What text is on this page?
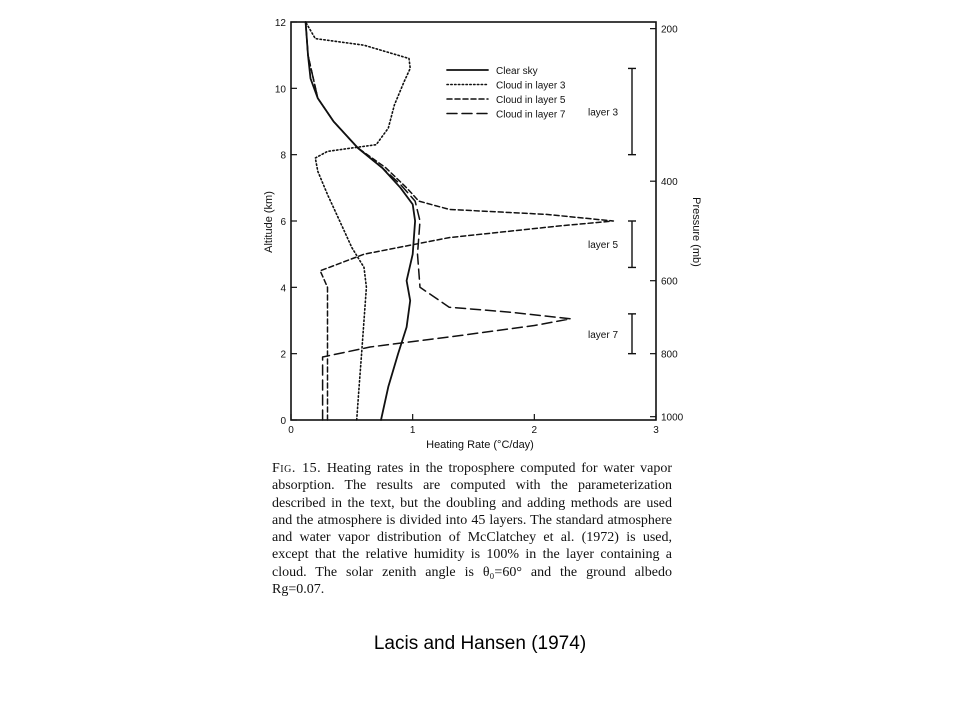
0	1	2	3
0
2
4
6
8
10
12
200
400
600
800
1000
Clear sky
Cloud in layer 3
Cloud in layer 5
Cloud in layer 7 layer 3
layer 5
layer 7
Heating Rate (°C/day)
Altitude (km)	Pressure (mb)
Fig. 15. Heating rates in the troposphere computed for water vapor absorption. The results are computed with the parameterization described in the text, but the doubling and adding methods are used and the atmosphere is divided into 45 layers. The standard atmosphere and water vapor distribution of McClatchey et al. (1972) is used, except that the relative humidity is 100% in the layer containing a cloud. The solar zenith angle is θ₀=60° and the ground albedo Rg=0.07.
Lacis and Hansen (1974)
